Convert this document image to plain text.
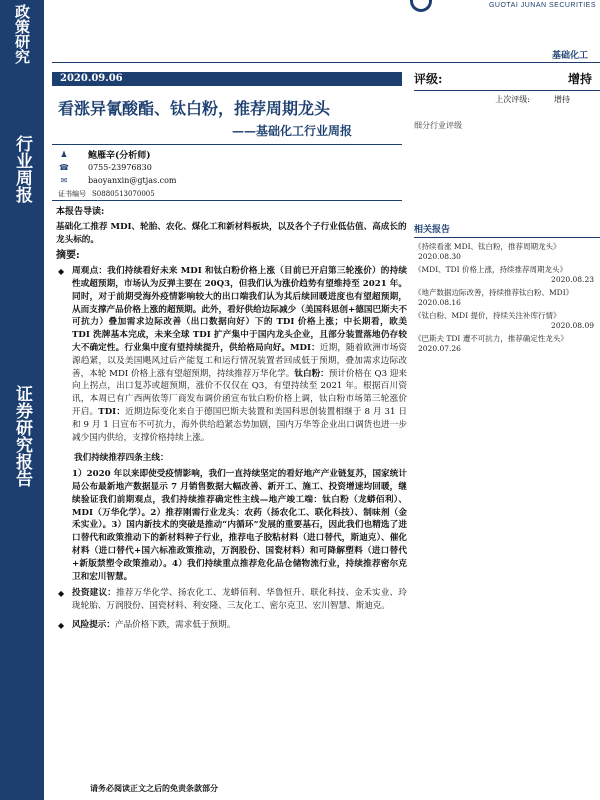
政策研究
行业周报
证券研究报告
GUOTAI JUNAN SECURITIES
基础化工
2020.09.06
看涨异氰酸酯、钛白粉，推荐周期龙头
——基础化工行业周报
评级:	增持
上次评级:	增持
细分行业评级
♟ 鲍雁辛(分析师)
☎ 0755-23976830
✉	baoyanxin@gtjas.com
证书编号 S0880513070005
相关报告
《持续看涨 MDI、钛白粉，推荐周期龙头》
2020.08.30
《MDI、TDI 价格上涨，持续推荐周期龙头》
2020.08.23
《地产数据边际改善，持续推荐钛白粉、MDI》
2020.08.16
《钛白粉、MDI 提价，持续关注补库行情》
2020.08.09
《巴斯夫 TDI 遭不可抗力，推荐确定性龙头》
2020.07.26
本报告导读:
基础化工推荐 MDI、轮胎、农化、煤化工和新材料板块，以及各个子行业低估值、高成长的龙头标的。
摘要:
◆ 周观点：我们持续看好未来 MDI 和钛白粉价格上涨（目前已开启第三轮涨价）的持续性或超预期，市场认为反弹主要在 20Q3，但我们认为涨价趋势有望维持至 2021 年。同时，对于前期受海外疫情影响较大的出口端我们认为其后续回暖进度也有望超预期，从而支撑产品价格上涨的超预期。此外，看好供给边际减少（美国科思创+德国巴斯夫不可抗力）叠加需求边际改善（出口数据向好）下的 TDI 价格上涨；中长期看，欧美 TDI 洗牌基本完成，未来全球 TDI 扩产集中于国内龙头企业，且部分装置落地仍存较大不确定性。行业集中度有望持续提升，供给格局向好。MDI：近期，随着欧洲市场资源趋紧，以及美国飓风过后产能复工和运行情况装置者回成低于预期，叠加需求边际改善，本轮 MDI 价格上涨有望超预期，持续推荐万华化学。钛白粉：预计价格在 Q3 迎来向上拐点，出口复苏或超预期，涨价不仅仅在 Q3，有望持续至 2021 年。根据百川资讯，本周已有广西两依等厂商发布调价函宣布钛白粉价格上调，钛白粉市场第三轮涨价开启。TDI：近期边际变化来自于德国巴斯夫装置和美国科思创装置相继于 8 月 31 日和 9 月 1 日宣布不可抗力，海外供给趋紧态势加剧，国内万华等企业出口调货也进一步减少国内供给，支撑价格持续上涨。
我们持续推荐四条主线：
1）2020 年以来即使受疫情影响，我们一直持续坚定的看好地产产业链复苏，国家统计局公布最新地产数据显示 7 月销售数据大幅改善、新开工、施工、投资增速均回暖，继续验证我们前期观点，我们持续推荐确定性主线—地产竣工端：钛白粉（龙蟒佰利）、MDI（万华化学）。2）推荐刚需行业龙头：农药（扬农化工、联化科技）、制味剂（金禾实业）。3）国内新技术的突破是推动“内循环”发展的重要基石，因此我们也精选了进口替代和政策推动下的新材料种子行业，推荐电子胶粘材料（进口替代，斯迪克）、催化材料（进口替代+国六标准政策推动，万润股份、国瓷材料）和可降解塑料（进口替代+新版禁塑令政策推动）。4）我们持续重点推荐危化品仓储物流行业，持续推荐密尔克卫和宏川智慧。
◆ 投资建议：推荐万华化学、扬农化工、龙蟒佰利、华鲁恒升、联化科技、金禾实业、玲珑轮胎、万润股份、国瓷材料、利安隆、三友化工、密尔克卫、宏川智慧、斯迪克。
◆ 风险提示：产品价格下跌，需求低于预期。
请务必阅读正文之后的免责条款部分
